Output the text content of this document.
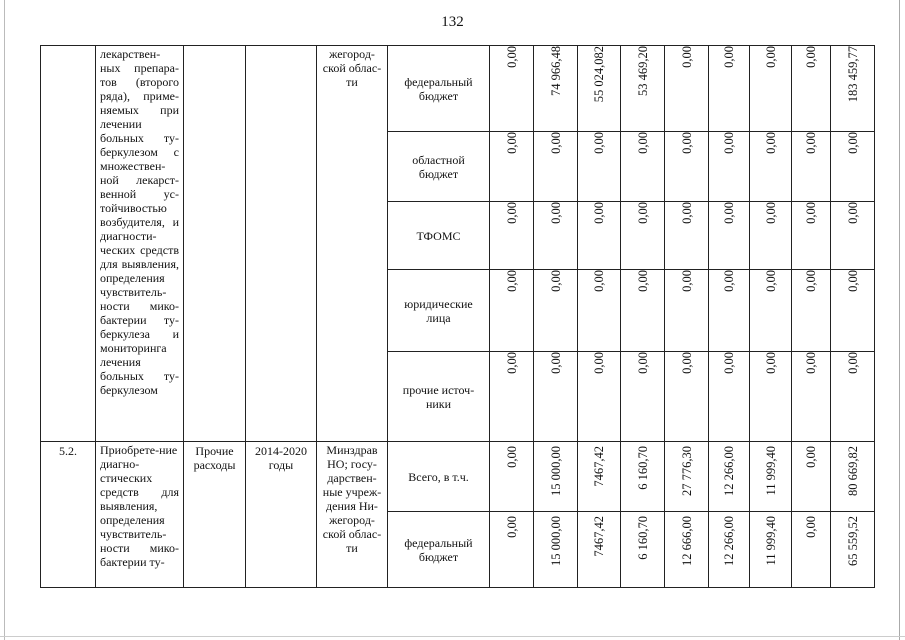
132
	лекарствен-ных препара-тов (второго ряда), приме-няемых при лечении больных ту-беркулезом с множествен-ной лекарст-венной ус-тойчивостью возбудителя, и диагности-ческих средств для выявления, определения чувствитель-ности мико-бактерии ту-беркулеза и мониторинга лечения больных ту-беркулезом			жегород-ской облас-ти	федеральный бюджет	0,00	74 966,48	55 024,082	53 469,20	0,00	0,00	0,00	0,00	183 459,77

					областной бюджет	0,00	0,00	0,00	0,00	0,00	0,00	0,00	0,00	0,00

					ТФОМС	0,00	0,00	0,00	0,00	0,00	0,00	0,00	0,00	0,00

					юридические лица	0,00	0,00	0,00	0,00	0,00	0,00	0,00	0,00	0,00

					прочие источ-ники	0,00	0,00	0,00	0,00	0,00	0,00	0,00	0,00	0,00

5.2.	Приобрете-ние диагно-стических средств для выявления, определения чувствитель-ности мико-бактерии ту-	Прочие расходы	2014-2020 годы	Минздрав НО; госу-дарствен-ные учреж-дения Ни-жегород-ской облас-ти	Всего, в т.ч.	0,00	15 000,00	7467,42	6 160,70	27 776,30	12 266,00	11 999,40	0,00	80 669,82

					федеральный бюджет	0,00	15 000,00	7467,42	6 160,70	12 666,00	12 266,00	11 999,40	0,00	65 559,52
